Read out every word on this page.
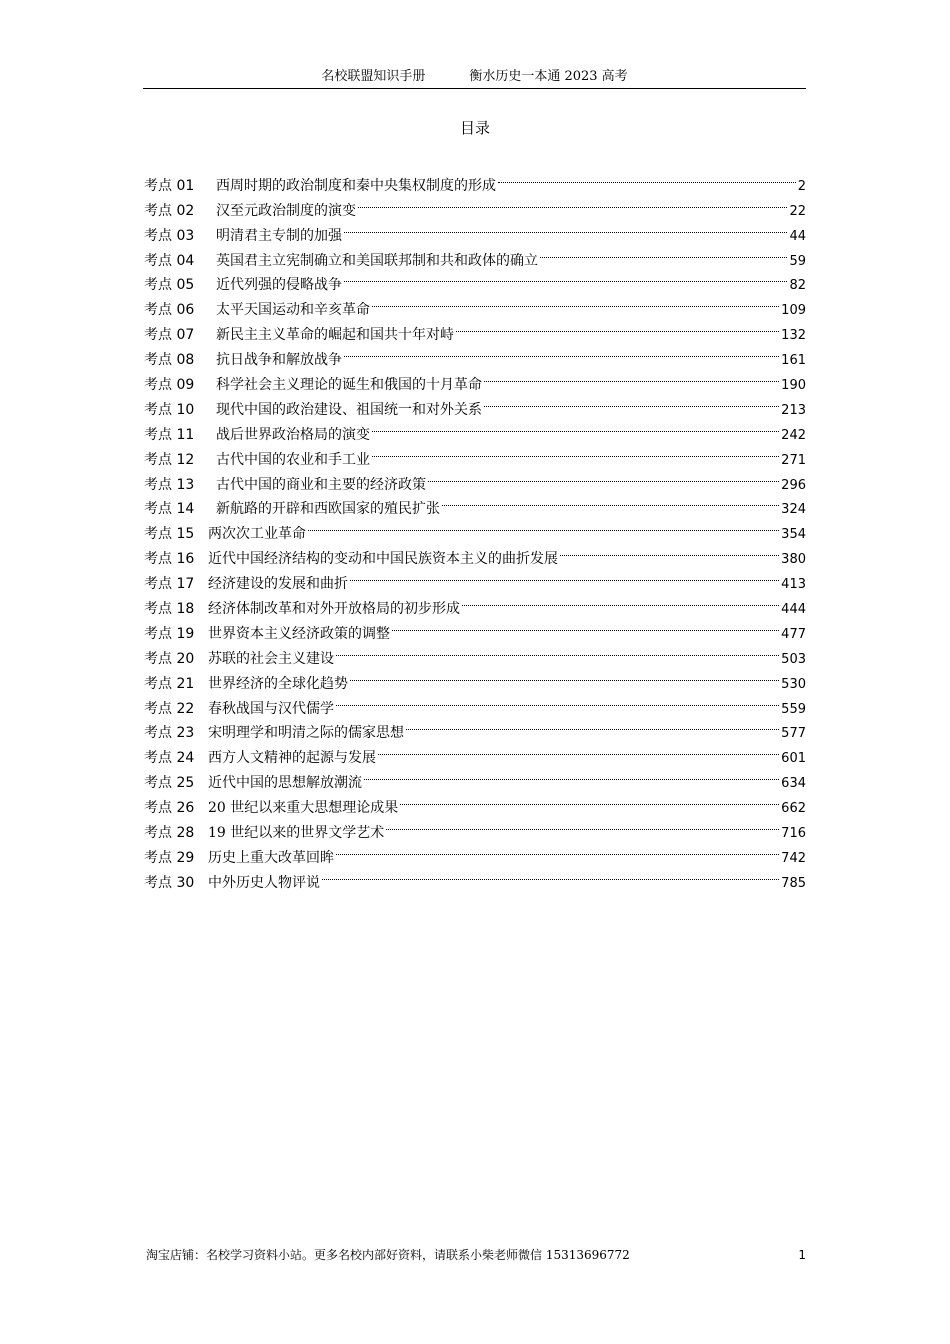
名校联盟知识手册	衡水历史一本通 2023 高考
目录
考点 01	西周时期的政治制度和秦中央集权制度的形成	2
考点 02	汉至元政治制度的演变	22
考点 03	明清君主专制的加强	44
考点 04	英国君主立宪制确立和美国联邦制和共和政体的确立	59
考点 05	近代列强的侵略战争	82
考点 06	太平天国运动和辛亥革命	109
考点 07	新民主主义革命的崛起和国共十年对峙	132
考点 08	抗日战争和解放战争	161
考点 09	科学社会主义理论的诞生和俄国的十月革命	190
考点 10	现代中国的政治建设、祖国统一和对外关系	213
考点 11	战后世界政治格局的演变	242
考点 12	古代中国的农业和手工业	271
考点 13	古代中国的商业和主要的经济政策	296
考点 14	新航路的开辟和西欧国家的殖民扩张	324
考点 15 两次次工业革命	354
考点 16 近代中国经济结构的变动和中国民族资本主义的曲折发展	380
考点 17 经济建设的发展和曲折	413
考点 18 经济体制改革和对外开放格局的初步形成	444
考点 19 世界资本主义经济政策的调整	477
考点 20 苏联的社会主义建设	503
考点 21 世界经济的全球化趋势	530
考点 22 春秋战国与汉代儒学	559
考点 23 宋明理学和明清之际的儒家思想	577
考点 24 西方人文精神的起源与发展	601
考点 25 近代中国的思想解放潮流	634
考点 26 20 世纪以来重大思想理论成果	662
考点 28 19 世纪以来的世界文学艺术	716
考点 29 历史上重大改革回眸	742
考点 30 中外历史人物评说	785
淘宝店铺：名校学习资料小站。更多名校内部好资料，请联系小柴老师微信 15313696772	1
